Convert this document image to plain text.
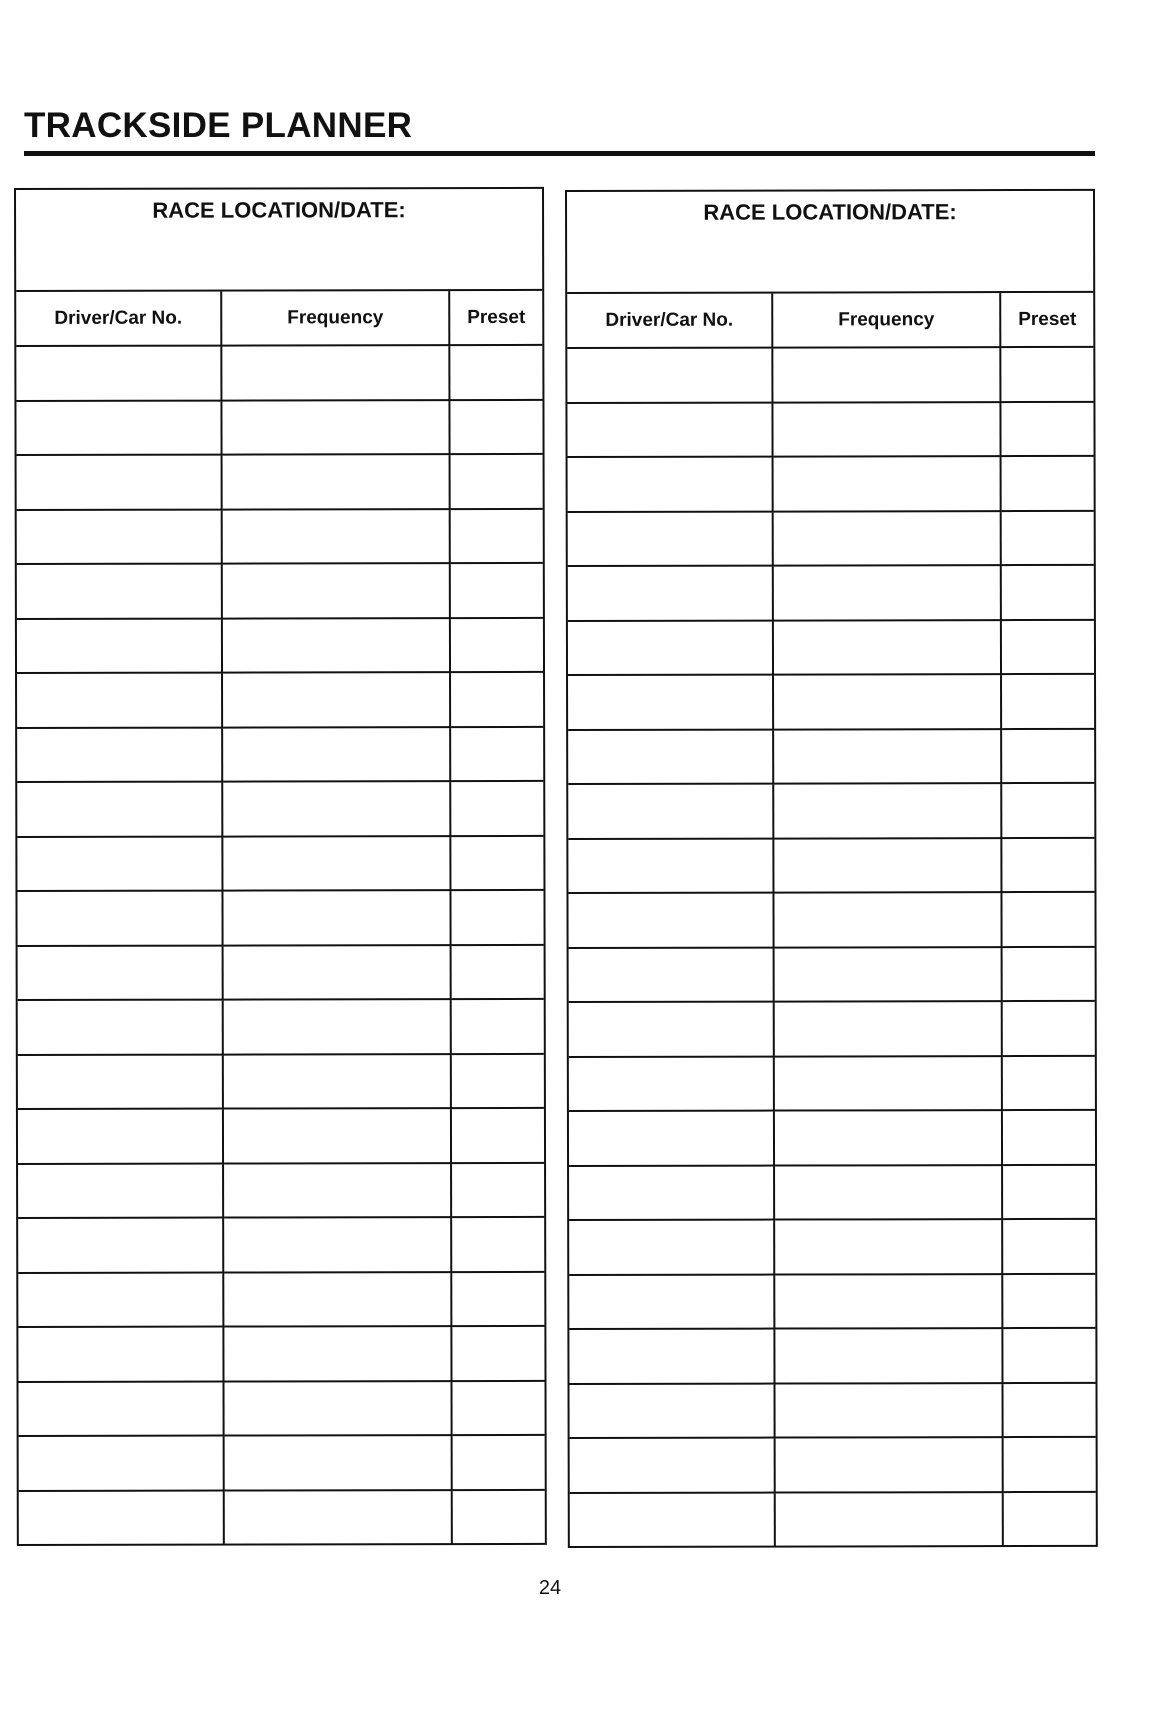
TRACKSIDE PLANNER
RACE LOCATION/DATE:
Driver/Car No.	Frequency	Preset

RACE LOCATION/DATE:
Driver/Car No.	Frequency	Preset

24
